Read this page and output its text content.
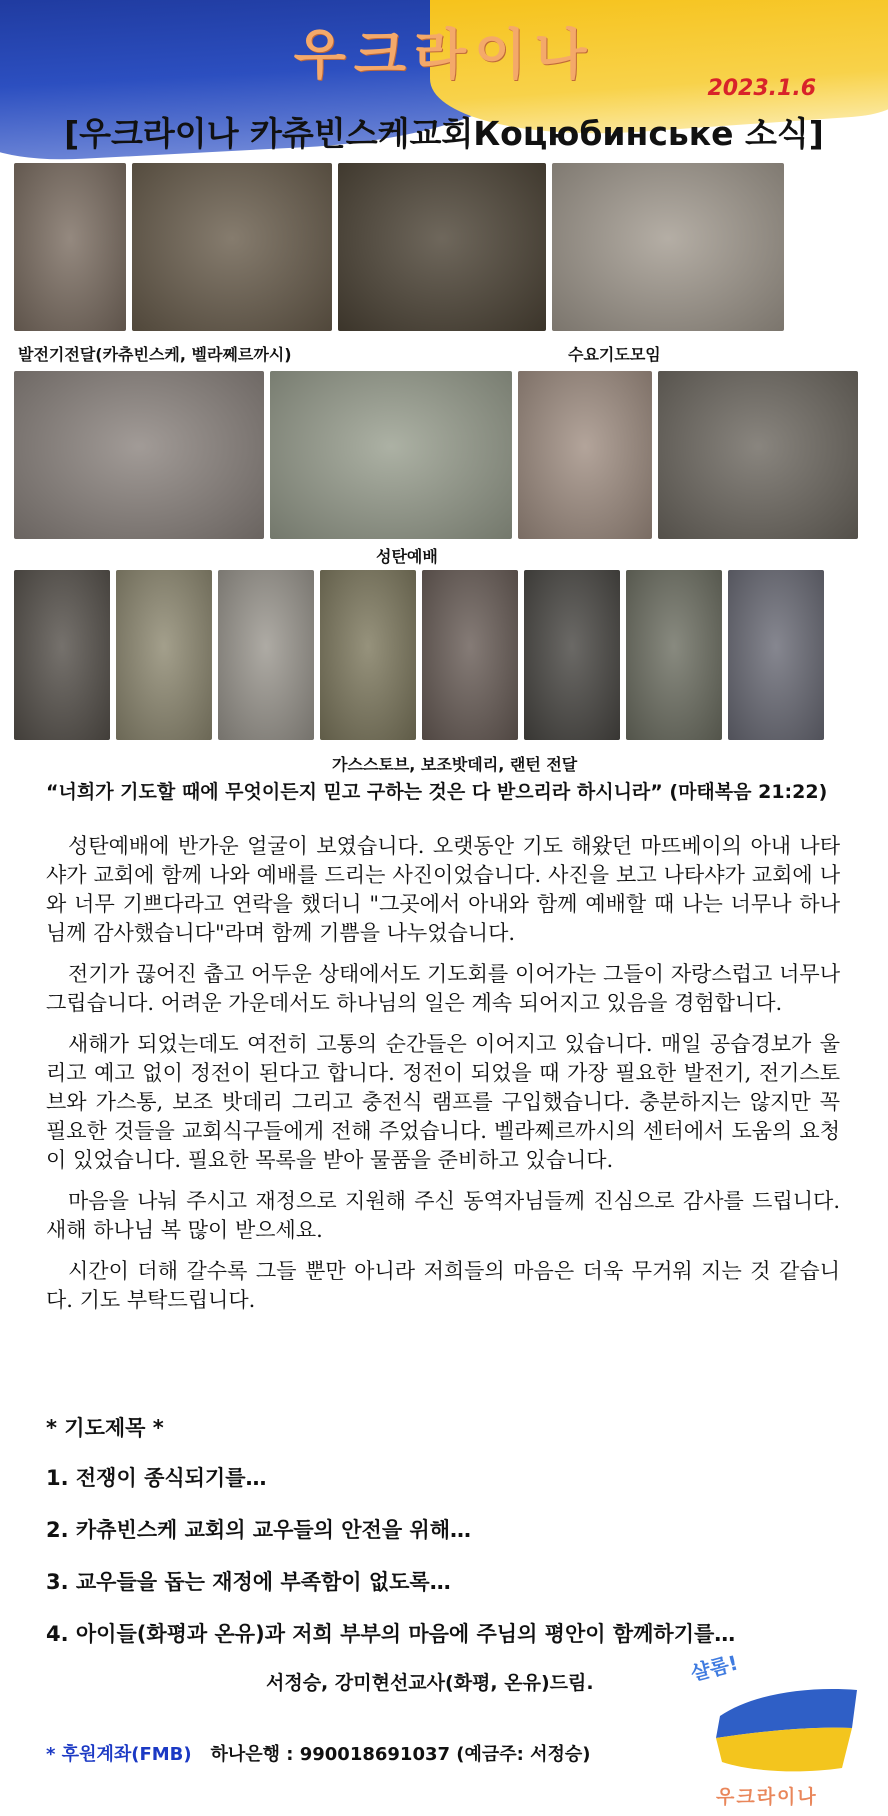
우크라이나
2023.1.6
[우크라이나 카츄빈스케교회Коцюбинське 소식]
발전기전달(카츄빈스케, 벨라쩨르까시)	수요기도모임
성탄예배
가스스토브, 보조밧데리, 랜턴 전달
“너희가 기도할 때에 무엇이든지 믿고 구하는 것은 다 받으리라 하시니라” (마태복음 21:22)

성탄예배에 반가운 얼굴이 보였습니다. 오랫동안 기도 해왔던 마뜨베이의 아내 나타샤가 교회에 함께 나와 예배를 드리는 사진이었습니다. 사진을 보고 나타샤가 교회에 나와 너무 기쁘다라고 연락을 했더니 "그곳에서 아내와 함께 예배할 때 나는 너무나 하나님께 감사했습니다"라며 함께 기쁨을 나누었습니다.

전기가 끊어진 춥고 어두운 상태에서도 기도회를 이어가는 그들이 자랑스럽고 너무나 그립습니다. 어려운 가운데서도 하나님의 일은 계속 되어지고 있음을 경험합니다.

새해가 되었는데도 여전히 고통의 순간들은 이어지고 있습니다. 매일 공습경보가 울리고 예고 없이 정전이 된다고 합니다. 정전이 되었을 때 가장 필요한 발전기, 전기스토브와 가스통, 보조 밧데리 그리고 충전식 램프를 구입했습니다. 충분하지는 않지만 꼭 필요한 것들을 교회식구들에게 전해 주었습니다. 벨라쩨르까시의 센터에서 도움의 요청이 있었습니다. 필요한 목록을 받아 물품을 준비하고 있습니다.

마음을 나눠 주시고 재정으로 지원해 주신 동역자님들께 진심으로 감사를 드립니다. 새해 하나님 복 많이 받으세요.

시간이 더해 갈수록 그들 뿐만 아니라 저희들의 마음은 더욱 무거워 지는 것 같습니다. 기도 부탁드립니다.

* 기도제목 *
1. 전쟁이 종식되기를…
2. 카츄빈스케 교회의 교우들의 안전을 위해…
3. 교우들을 돕는 재정에 부족함이 없도록…
4. 아이들(화평과 온유)과 저희 부부의 마음에 주님의 평안이 함께하기를…
서정승, 강미현선교사(화평, 온유)드림.
* 후원계좌(FMB) 하나은행 : 990018691037 (예금주: 서정승)
샬롬!
우크라이나
